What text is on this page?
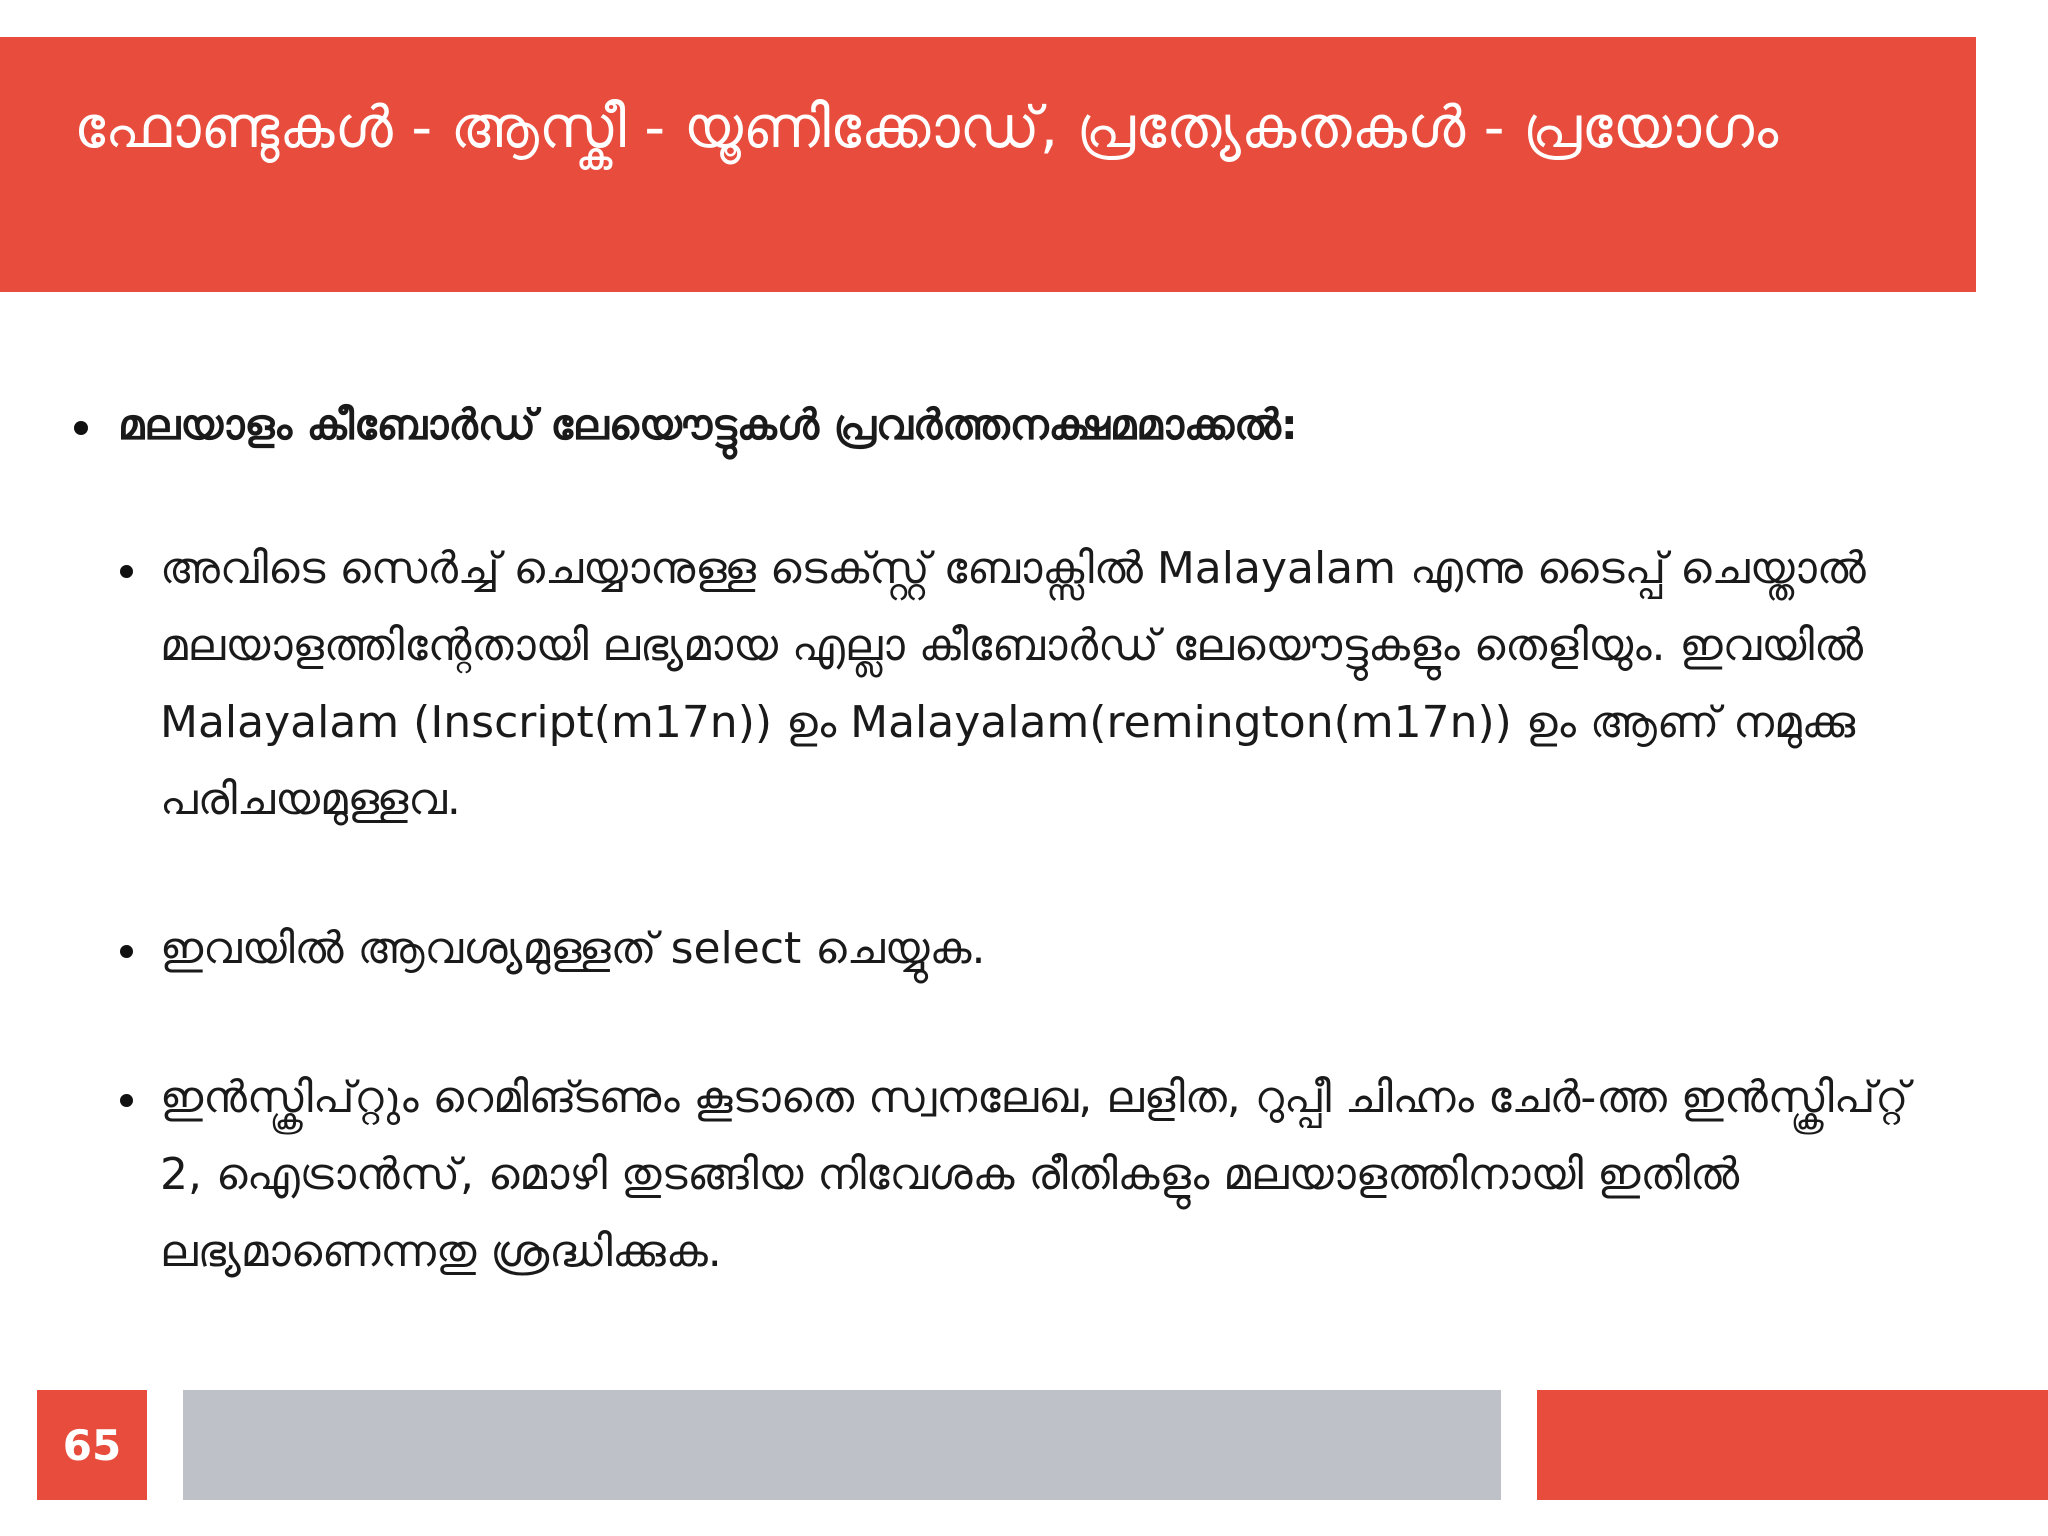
ഫോണ്ടുകൾ - ആസ്കീ - യൂണിക്കോഡ്, പ്രത്യേകതകൾ - പ്രയോഗം
മലയാളം കീബോർഡ് ലേയൌട്ടുകൾ പ്രവർത്തനക്ഷമമാക്കൽ:
അവിടെ സെർച്ച് ചെയ്യാനുള്ള ടെക്സ്റ്റ് ബോക്സിൽ Malayalam എന്നു ടൈപ്പ് ചെയ്താൽ മലയാളത്തിന്റേതായി ലഭ്യമായ എല്ലാ കീബോർഡ് ലേയൌട്ടുകളും തെളിയും. ഇവയിൽ Malayalam (Inscript(m17n)) ഉം Malayalam(remington(m17n)) ഉം ആണ് നമുക്കു പരിചയമുള്ളവ.
ഇവയിൽ ആവശ്യമുള്ളത് select ചെയ്യുക.
ഇൻസ്ക്രിപ്റ്റും റെമിങ്ടണും കൂടാതെ സ്വനലേഖ, ലളിത, റുപ്പീ ചിഹ്നം ചേർ-ത്ത ഇൻസ്ക്രിപ്റ്റ് 2, ഐട്രാൻസ്, മൊഴി തുടങ്ങിയ നിവേശക രീതികളും മലയാളത്തിനായി ഇതിൽ ലഭ്യമാണെന്നതു ശ്രദ്ധിക്കുക.
65
